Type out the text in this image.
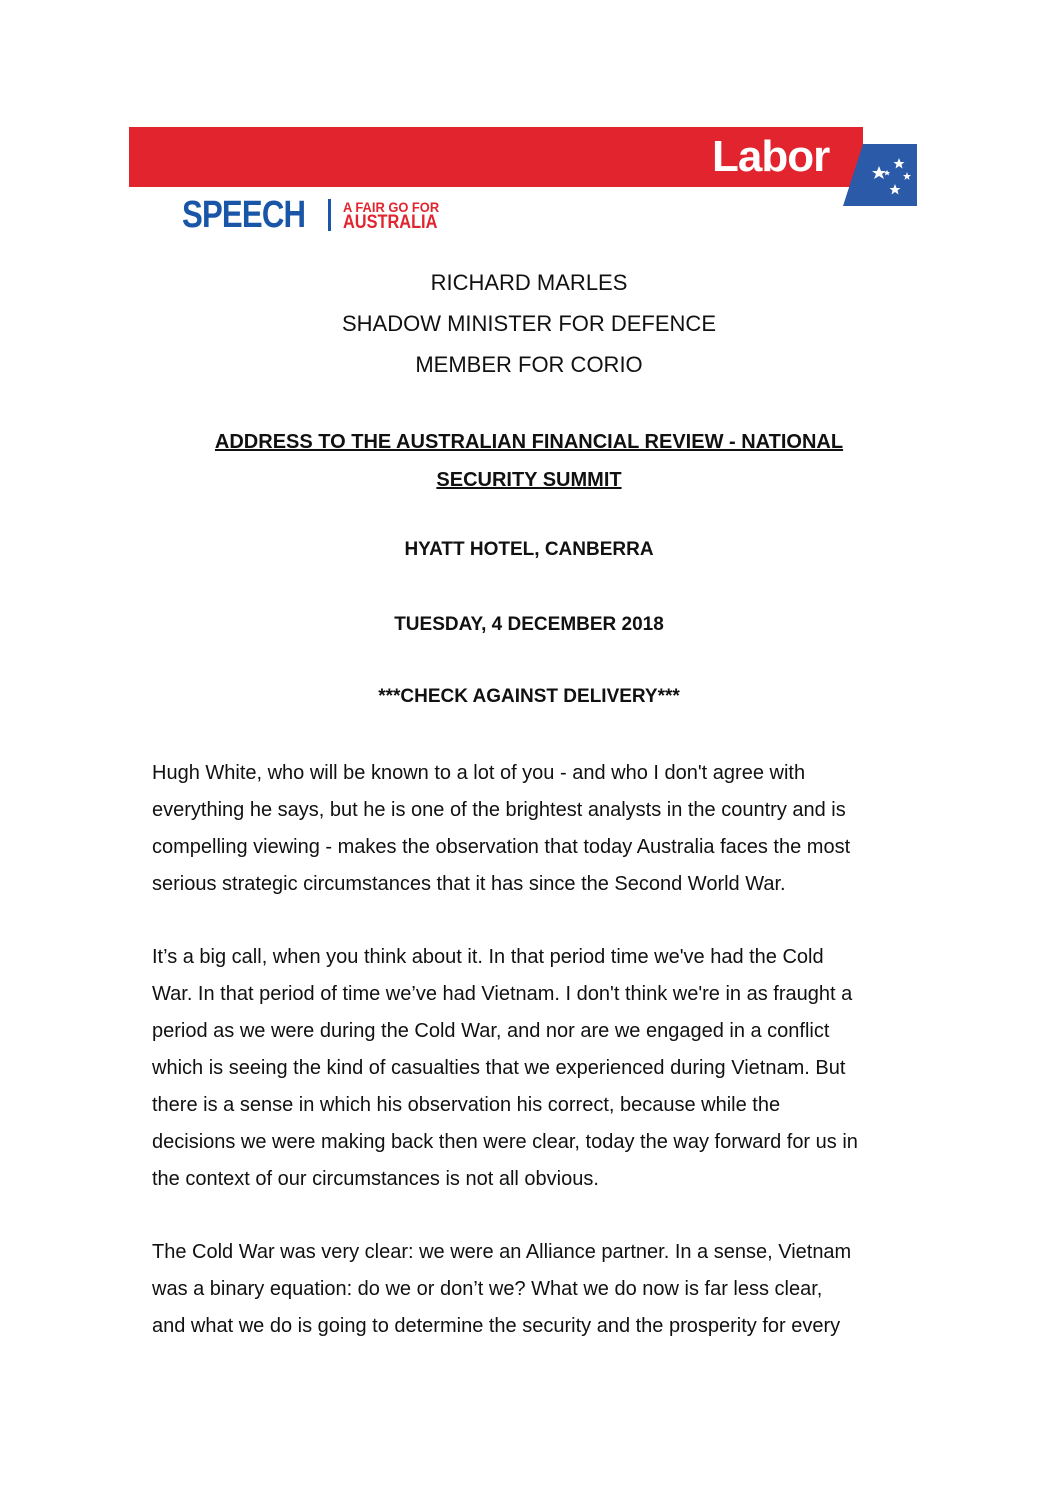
Labor
SPEECH	A FAIR GO FOR
AUSTRALIA
RICHARD MARLES
SHADOW MINISTER FOR DEFENCE
MEMBER FOR CORIO
ADDRESS TO THE AUSTRALIAN FINANCIAL REVIEW - NATIONAL
SECURITY SUMMIT
HYATT HOTEL, CANBERRA
TUESDAY, 4 DECEMBER 2018
***CHECK AGAINST DELIVERY***
Hugh White, who will be known to a lot of you - and who I don't agree with
everything he says, but he is one of the brightest analysts in the country and is
compelling viewing - makes the observation that today Australia faces the most
serious strategic circumstances that it has since the Second World War.
It’s a big call, when you think about it. In that period time we've had the Cold
War. In that period of time we’ve had Vietnam. I don't think we're in as fraught a
period as we were during the Cold War, and nor are we engaged in a conflict
which is seeing the kind of casualties that we experienced during Vietnam. But
there is a sense in which his observation his correct, because while the
decisions we were making back then were clear, today the way forward for us in
the context of our circumstances is not all obvious.
The Cold War was very clear: we were an Alliance partner. In a sense, Vietnam
was a binary equation: do we or don’t we? What we do now is far less clear,
and what we do is going to determine the security and the prosperity for every
